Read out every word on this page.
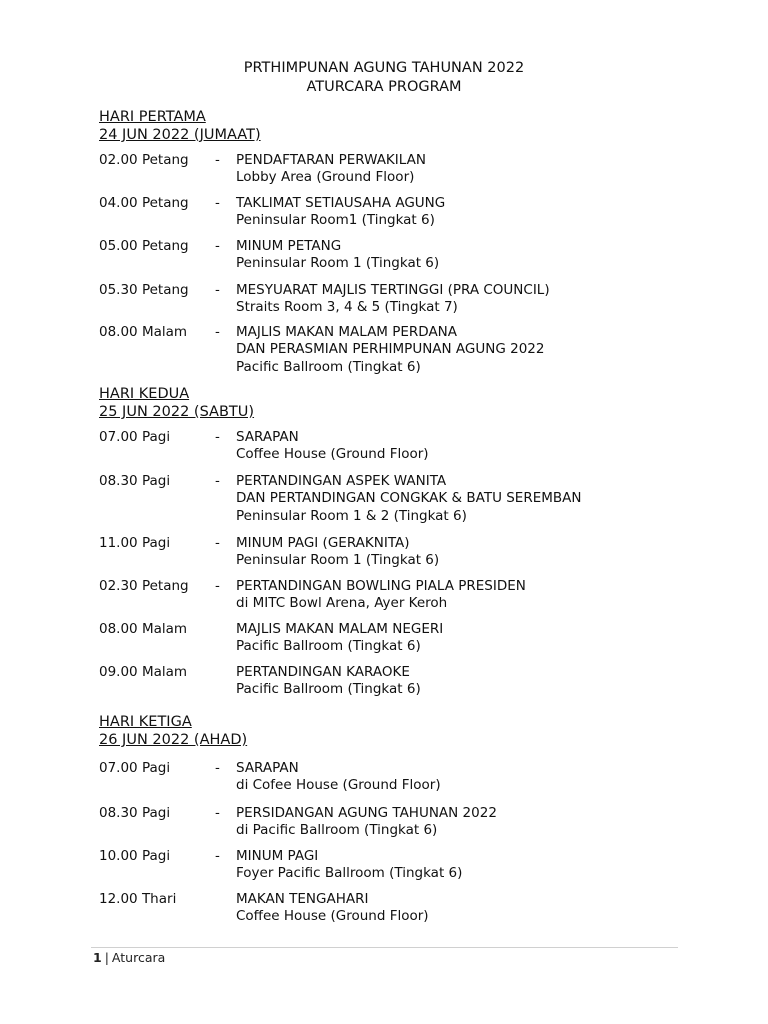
PRTHIMPUNAN AGUNG TAHUNAN 2022
ATURCARA PROGRAM
HARI PERTAMA
24 JUN 2022 (JUMAAT)
02.00 Petang	- PENDAFTARAN PERWAKILAN
Lobby Area (Ground Floor)
04.00 Petang	- TAKLIMAT SETIAUSAHA AGUNG
Peninsular Room1 (Tingkat 6)
05.00 Petang	- MINUM PETANG
Peninsular Room 1 (Tingkat 6)
05.30 Petang	- MESYUARAT MAJLIS TERTINGGI (PRA COUNCIL)
Straits Room 3, 4 & 5 (Tingkat 7)
08.00 Malam	- MAJLIS MAKAN MALAM PERDANA
DAN PERASMIAN PERHIMPUNAN AGUNG 2022
Pacific Ballroom (Tingkat 6)
HARI KEDUA
25 JUN 2022 (SABTU)
07.00 Pagi	- SARAPAN
Coffee House (Ground Floor)
08.30 Pagi	- PERTANDINGAN ASPEK WANITA
DAN PERTANDINGAN CONGKAK & BATU SEREMBAN
Peninsular Room 1 & 2 (Tingkat 6)
11.00 Pagi	- MINUM PAGI (GERAKNITA)
Peninsular Room 1 (Tingkat 6)
02.30 Petang	- PERTANDINGAN BOWLING PIALA PRESIDEN
di MITC Bowl Arena, Ayer Keroh
08.00 Malam	MAJLIS MAKAN MALAM NEGERI
Pacific Ballroom (Tingkat 6)
09.00 Malam	PERTANDINGAN KARAOKE
Pacific Ballroom (Tingkat 6)
HARI KETIGA
26 JUN 2022 (AHAD)
07.00 Pagi	- SARAPAN
di Cofee House (Ground Floor)
08.30 Pagi	- PERSIDANGAN AGUNG TAHUNAN 2022
di Pacific Ballroom (Tingkat 6)
10.00 Pagi	- MINUM PAGI
Foyer Pacific Ballroom (Tingkat 6)
12.00 Thari	MAKAN TENGAHARI
Coffee House (Ground Floor)
1 | Aturcara
